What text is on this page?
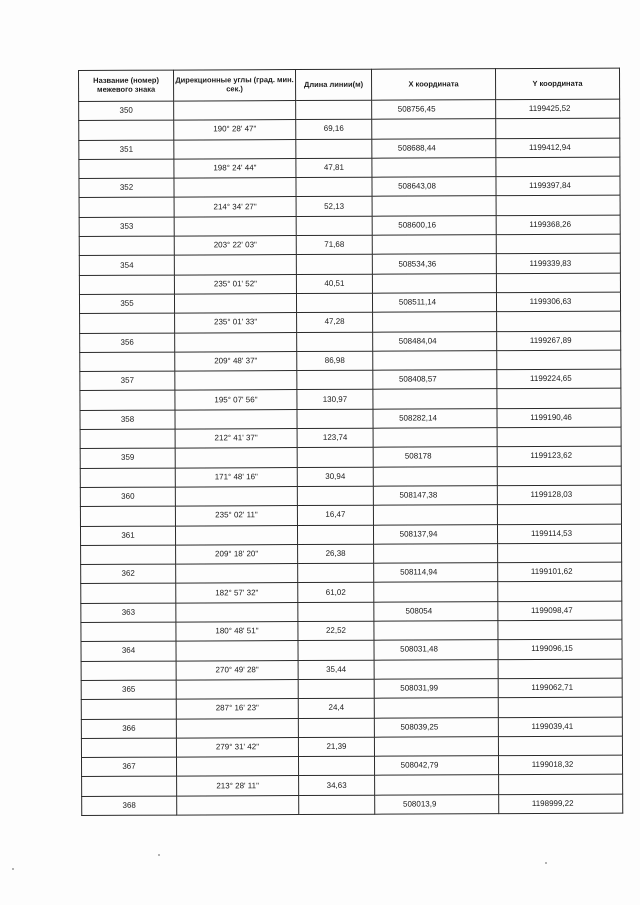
Название (номер) межевого знака	Дирекционные углы (град. мин. сек.)	Длина линии(м)	X координата	Y координата
350			508756,45	1199425,52
	190° 28' 47"	69,16		
351			508688,44	1199412,94
	198° 24' 44"	47,81		
352			508643,08	1199397,84
	214° 34' 27"	52,13		
353			508600,16	1199368,26
	203° 22' 03"	71,68		
354			508534,36	1199339,83
	235° 01' 52"	40,51		
355			508511,14	1199306,63
	235° 01' 33"	47,28		
356			508484,04	1199267,89
	209° 48' 37"	86,98		
357			508408,57	1199224,65
	195° 07' 56"	130,97		
358			508282,14	1199190,46
	212° 41' 37"	123,74		
359			508178	1199123,62
	171° 48' 16"	30,94		
360			508147,38	1199128,03
	235° 02' 11"	16,47		
361			508137,94	1199114,53
	209° 18' 20"	26,38		
362			508114,94	1199101,62
	182° 57' 32"	61,02		
363			508054	1199098,47
	180° 48' 51"	22,52		
364			508031,48	1199096,15
	270° 49' 28"	35,44		
365			508031,99	1199062,71
	287° 16' 23"	24,4		
366			508039,25	1199039,41
	279° 31' 42"	21,39		
367			508042,79	1199018,32
	213° 28' 11"	34,63		
368			508013,9	1198999,22
